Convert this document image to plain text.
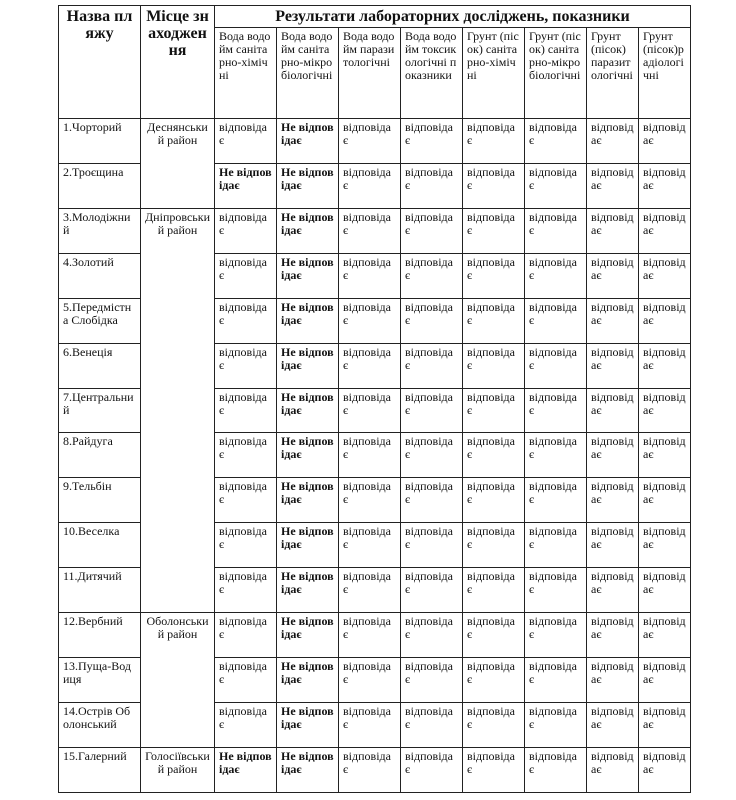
Назва пляжу	Місце знаходження	Результати лабораторних досліджень, показники							
		Вода водойм санітарно-хімічні	Вода водойм санітарно-мікробіологічні	Вода водойм паразитологічні	Вода водойм токсикологічні показники	Грунт (пісок) санітарно-хімічні	Грунт (пісок) санітарно-мікробіологічні	Грунт (пісок) паразитологічні	Грунт (пісок)радіологічні
1.Чорторий	Деснянський район	відповідає	Не відповідає	відповідає	відповідає	відповідає	відповідає	відповідає	відповідає
2.Троєщина		Не відповідає	Не відповідає	відповідає	відповідає	відповідає	відповідає	відповідає	відповідає
3.Молодіжний	Дніпровський район	відповідає	Не відповідає	відповідає	відповідає	відповідає	відповідає	відповідає	відповідає
4.Золотий		відповідає	Не відповідає	відповідає	відповідає	відповідає	відповідає	відповідає	відповідає
5.Передмістна Слобідка		відповідає	Не відповідає	відповідає	відповідає	відповідає	відповідає	відповідає	відповідає
6.Венеція		відповідає	Не відповідає	відповідає	відповідає	відповідає	відповідає	відповідає	відповідає
7.Центральний		відповідає	Не відповідає	відповідає	відповідає	відповідає	відповідає	відповідає	відповідає
8.Райдуга		відповідає	Не відповідає	відповідає	відповідає	відповідає	відповідає	відповідає	відповідає
9.Тельбін		відповідає	Не відповідає	відповідає	відповідає	відповідає	відповідає	відповідає	відповідає
10.Веселка		відповідає	Не відповідає	відповідає	відповідає	відповідає	відповідає	відповідає	відповідає
11.Дитячий		відповідає	Не відповідає	відповідає	відповідає	відповідає	відповідає	відповідає	відповідає
12.Вербний	Оболонський район	відповідає	Не відповідає	відповідає	відповідає	відповідає	відповідає	відповідає	відповідає
13.Пуща-Водиця		відповідає	Не відповідає	відповідає	відповідає	відповідає	відповідає	відповідає	відповідає
14.Острів Оболонський		відповідає	Не відповідає	відповідає	відповідає	відповідає	відповідає	відповідає	відповідає
15.Галерний	Голосіївський район	Не відповідає	Не відповідає	відповідає	відповідає	відповідає	відповідає	відповідає	відповідає
